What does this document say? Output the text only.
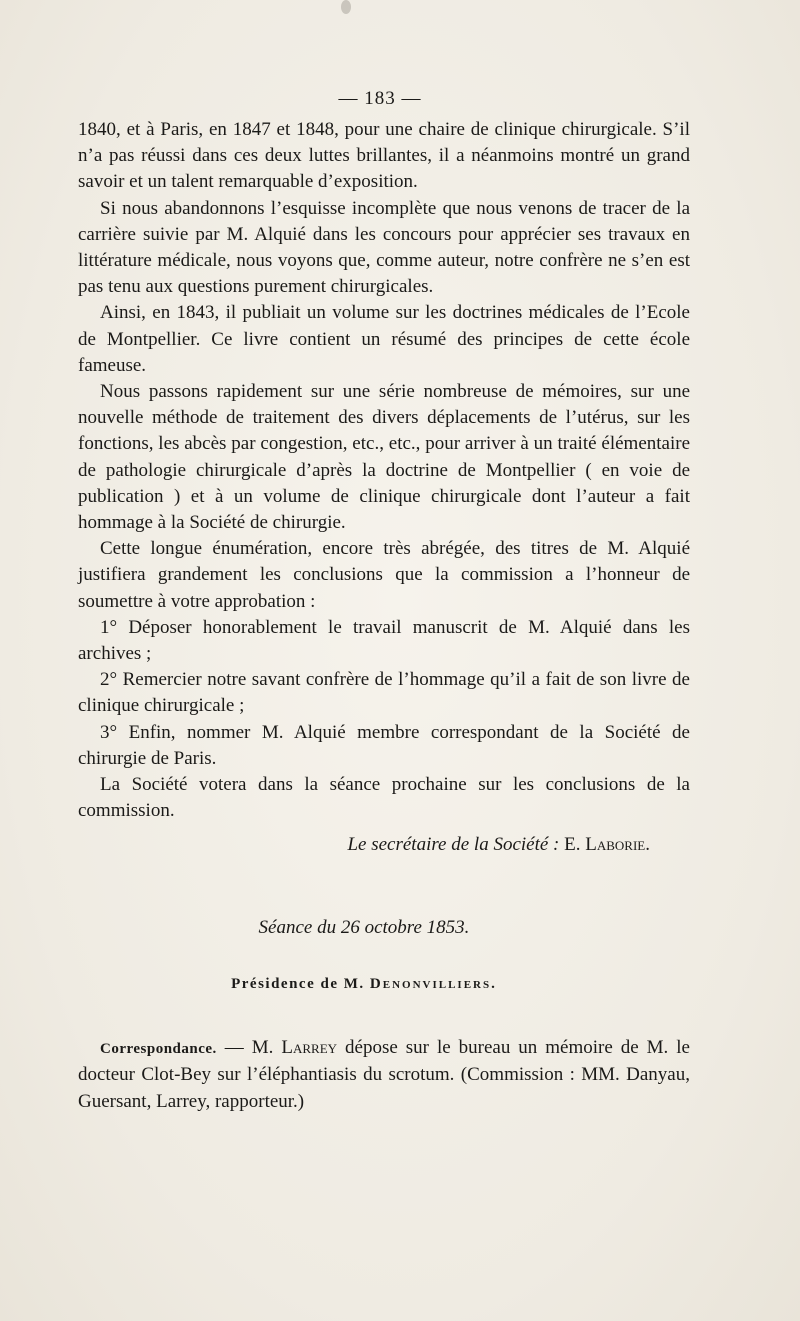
— 183 —

1840, et à Paris, en 1847 et 1848, pour une chaire de clinique chirurgicale. S’il n’a pas réussi dans ces deux luttes brillantes, il a néanmoins montré un grand savoir et un talent remarquable d’exposition.

Si nous abandonnons l’esquisse incomplète que nous venons de tracer de la carrière suivie par M. Alquié dans les concours pour apprécier ses travaux en littérature médicale, nous voyons que, comme auteur, notre confrère ne s’en est pas tenu aux questions purement chirurgicales.

Ainsi, en 1843, il publiait un volume sur les doctrines médicales de l’Ecole de Montpellier. Ce livre contient un résumé des principes de cette école fameuse.

Nous passons rapidement sur une série nombreuse de mémoires, sur une nouvelle méthode de traitement des divers déplacements de l’utérus, sur les fonctions, les abcès par congestion, etc., etc., pour arriver à un traité élémentaire de pathologie chirurgicale d’après la doctrine de Montpellier ( en voie de publication ) et à un volume de clinique chirurgicale dont l’auteur a fait hommage à la Société de chirurgie.

Cette longue énumération, encore très abrégée, des titres de M. Alquié justifiera grandement les conclusions que la commission a l’honneur de soumettre à votre approbation :

1° Déposer honorablement le travail manuscrit de M. Alquié dans les archives ;

2° Remercier notre savant confrère de l’hommage qu’il a fait de son livre de clinique chirurgicale ;

3° Enfin, nommer M. Alquié membre correspondant de la Société de chirurgie de Paris.

La Société votera dans la séance prochaine sur les conclusions de la commission.

Le secrétaire de la Société : E. Laborie.

Séance du 26 octobre 1853.

Présidence de M. Denonvilliers.

Correspondance. — M. Larrey dépose sur le bureau un mémoire de M. le docteur Clot-Bey sur l’éléphantiasis du scrotum. (Commission : MM. Danyau, Guersant, Larrey, rapporteur.)
